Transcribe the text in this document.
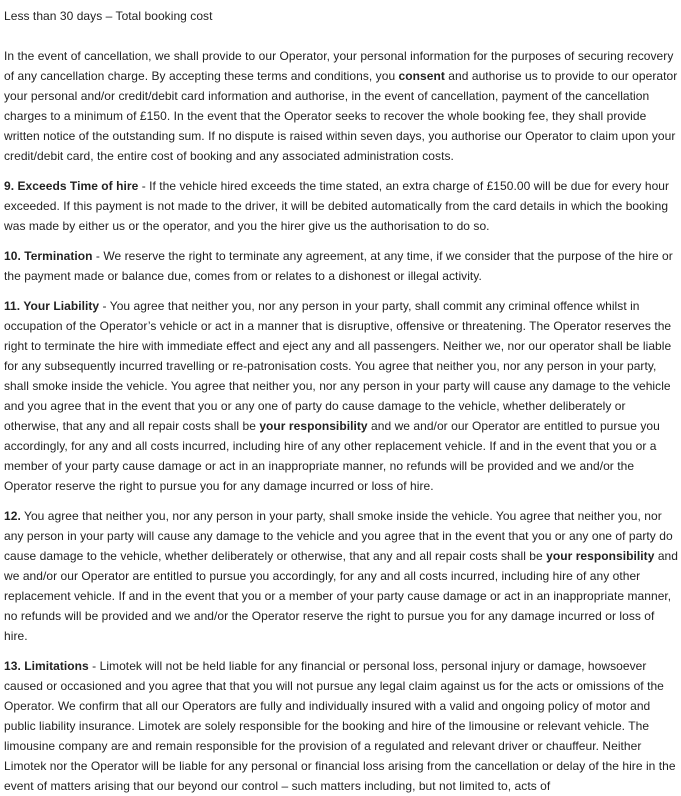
Less than 30 days – Total booking cost

In the event of cancellation, we shall provide to our Operator, your personal information for the purposes of securing recovery of any cancellation charge. By accepting these terms and conditions, you consent and authorise us to provide to our operator your personal and/or credit/debit card information and authorise, in the event of cancellation, payment of the cancellation charges to a minimum of £150. In the event that the Operator seeks to recover the whole booking fee, they shall provide written notice of the outstanding sum. If no dispute is raised within seven days, you authorise our Operator to claim upon your credit/debit card, the entire cost of booking and any associated administration costs.

9. Exceeds Time of hire - If the vehicle hired exceeds the time stated, an extra charge of £150.00 will be due for every hour exceeded. If this payment is not made to the driver, it will be debited automatically from the card details in which the booking was made by either us or the operator, and you the hirer give us the authorisation to do so.

10. Termination - We reserve the right to terminate any agreement, at any time, if we consider that the purpose of the hire or the payment made or balance due, comes from or relates to a dishonest or illegal activity.

11. Your Liability - You agree that neither you, nor any person in your party, shall commit any criminal offence whilst in occupation of the Operator’s vehicle or act in a manner that is disruptive, offensive or threatening. The Operator reserves the right to terminate the hire with immediate effect and eject any and all passengers. Neither we, nor our operator shall be liable for any subsequently incurred travelling or re-patronisation costs. You agree that neither you, nor any person in your party, shall smoke inside the vehicle. You agree that neither you, nor any person in your party will cause any damage to the vehicle and you agree that in the event that you or any one of party do cause damage to the vehicle, whether deliberately or otherwise, that any and all repair costs shall be your responsibility and we and/or our Operator are entitled to pursue you accordingly, for any and all costs incurred, including hire of any other replacement vehicle. If and in the event that you or a member of your party cause damage or act in an inappropriate manner, no refunds will be provided and we and/or the Operator reserve the right to pursue you for any damage incurred or loss of hire.

12. You agree that neither you, nor any person in your party, shall smoke inside the vehicle. You agree that neither you, nor any person in your party will cause any damage to the vehicle and you agree that in the event that you or any one of party do cause damage to the vehicle, whether deliberately or otherwise, that any and all repair costs shall be your responsibility and we and/or our Operator are entitled to pursue you accordingly, for any and all costs incurred, including hire of any other replacement vehicle. If and in the event that you or a member of your party cause damage or act in an inappropriate manner, no refunds will be provided and we and/or the Operator reserve the right to pursue you for any damage incurred or loss of hire.

13. Limitations - Limotek will not be held liable for any financial or personal loss, personal injury or damage, howsoever caused or occasioned and you agree that that you will not pursue any legal claim against us for the acts or omissions of the Operator. We confirm that all our Operators are fully and individually insured with a valid and ongoing policy of motor and public liability insurance. Limotek are solely responsible for the booking and hire of the limousine or relevant vehicle. The limousine company are and remain responsible for the provision of a regulated and relevant driver or chauffeur. Neither Limotek nor the Operator will be liable for any personal or financial loss arising from the cancellation or delay of the hire in the event of matters arising that our beyond our control – such matters including, but not limited to, acts of
